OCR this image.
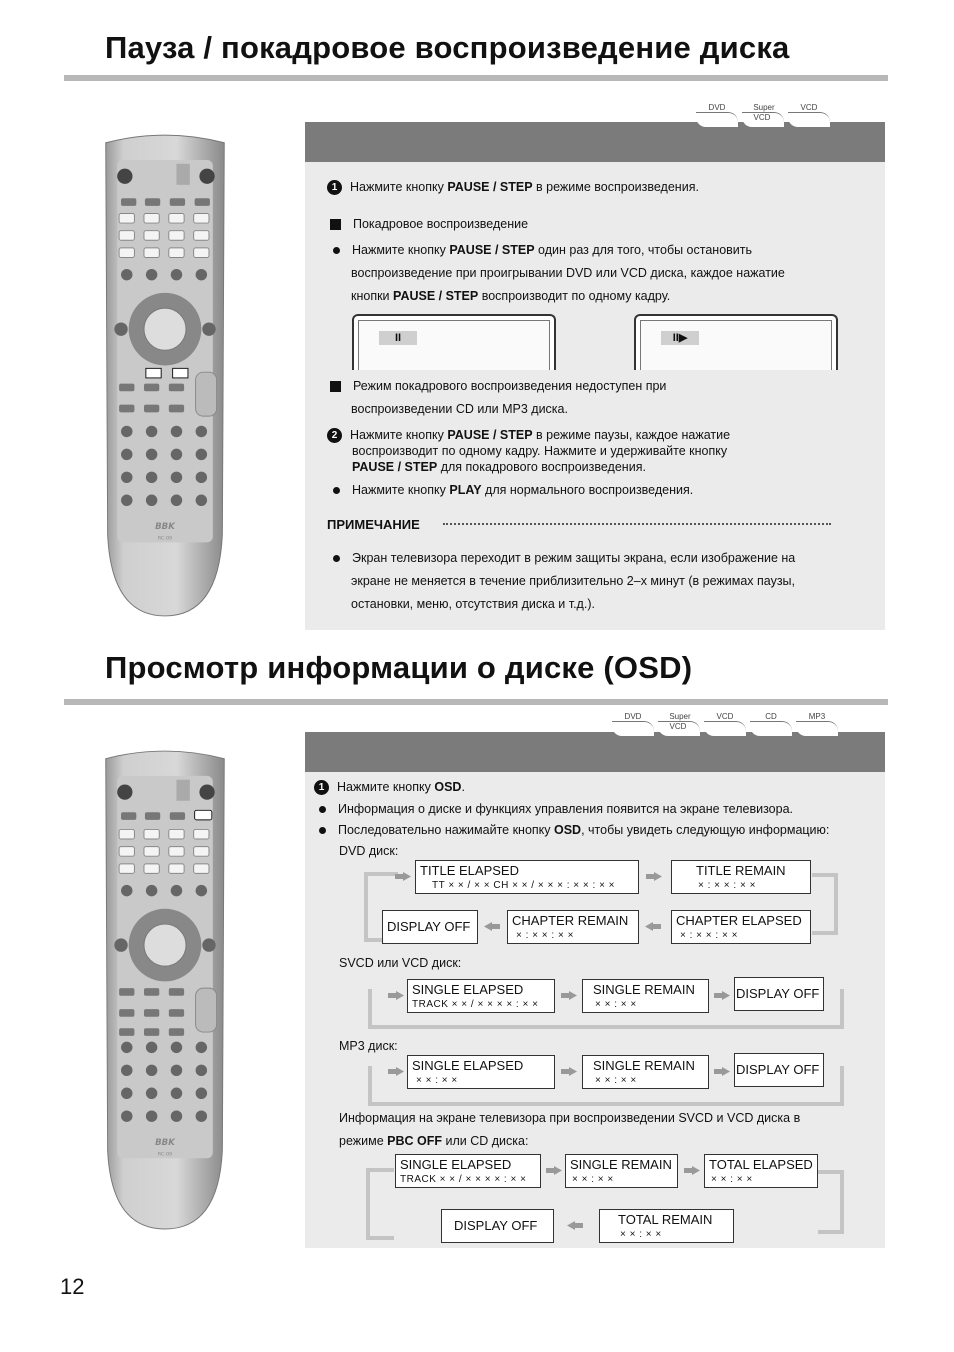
Пауза / покадровое воспроизведение диска
BBK
RC-09
DVD	Super VCD
VCD
1 Нажмите кнопку PAUSE / STEP в режиме воспроизведения.
Покадровое воспроизведение
Нажмите кнопку PAUSE / STEP один раз для того, чтобы остановить
воспроизведение при проигрывании DVD или VCD диска, каждое нажатие
кнопки PAUSE / STEP воспроизводит по одному кадру.
II	II▶
Режим покадрового воспроизведения недоступен при
воспроизведении CD или MP3 диска.
2 Нажмите кнопку PAUSE / STEP в режиме паузы, каждое нажатие
воспроизводит по одному кадру. Нажмите и удерживайте кнопку
PAUSE / STEP для покадрового воспроизведения.
Нажмите кнопку PLAY для нормального воспроизведения.
ПРИМЕЧАНИЕ
Экран телевизора переходит в режим защиты экрана, если изображение на
экране не меняется в течение приблизительно 2–х минут (в режимах паузы,
остановки, меню, отсутствия диска и т.д.).
Просмотр информации о диске (OSD)
BBK
RC-09
DVD	Super VCD
VCD	CD	MP3
1 Нажмите кнопку OSD.
Информация о диске и функциях управления появится на экране телевизора.
Последовательно нажимайте кнопку OSD, чтобы увидеть следующую информацию:
DVD диск:
TITLE ELAPSED
TT × × / × × CH × × / × × × : × × : × ×
TITLE REMAIN
× : × × : × ×
DISPLAY OFF	CHAPTER REMAIN
× : × × : × ×
CHAPTER ELAPSED
× : × × : × ×
SVCD или VCD диск:
SINGLE ELAPSED
TRACK × × / × × × × : × ×
SINGLE REMAIN
× × : × ×
DISPLAY OFF
MP3 диск:
SINGLE ELAPSED
× × : × ×
SINGLE REMAIN
× × : × ×
DISPLAY OFF
Информация на экране телевизора при воспроизведении SVCD и VCD диска в
режиме PBC OFF или CD диска:
SINGLE ELAPSED
TRACK × × / × × × × : × ×
SINGLE REMAIN
× × : × ×
TOTAL ELAPSED
× × : × ×
DISPLAY OFF	TOTAL REMAIN
× × : × ×
12
